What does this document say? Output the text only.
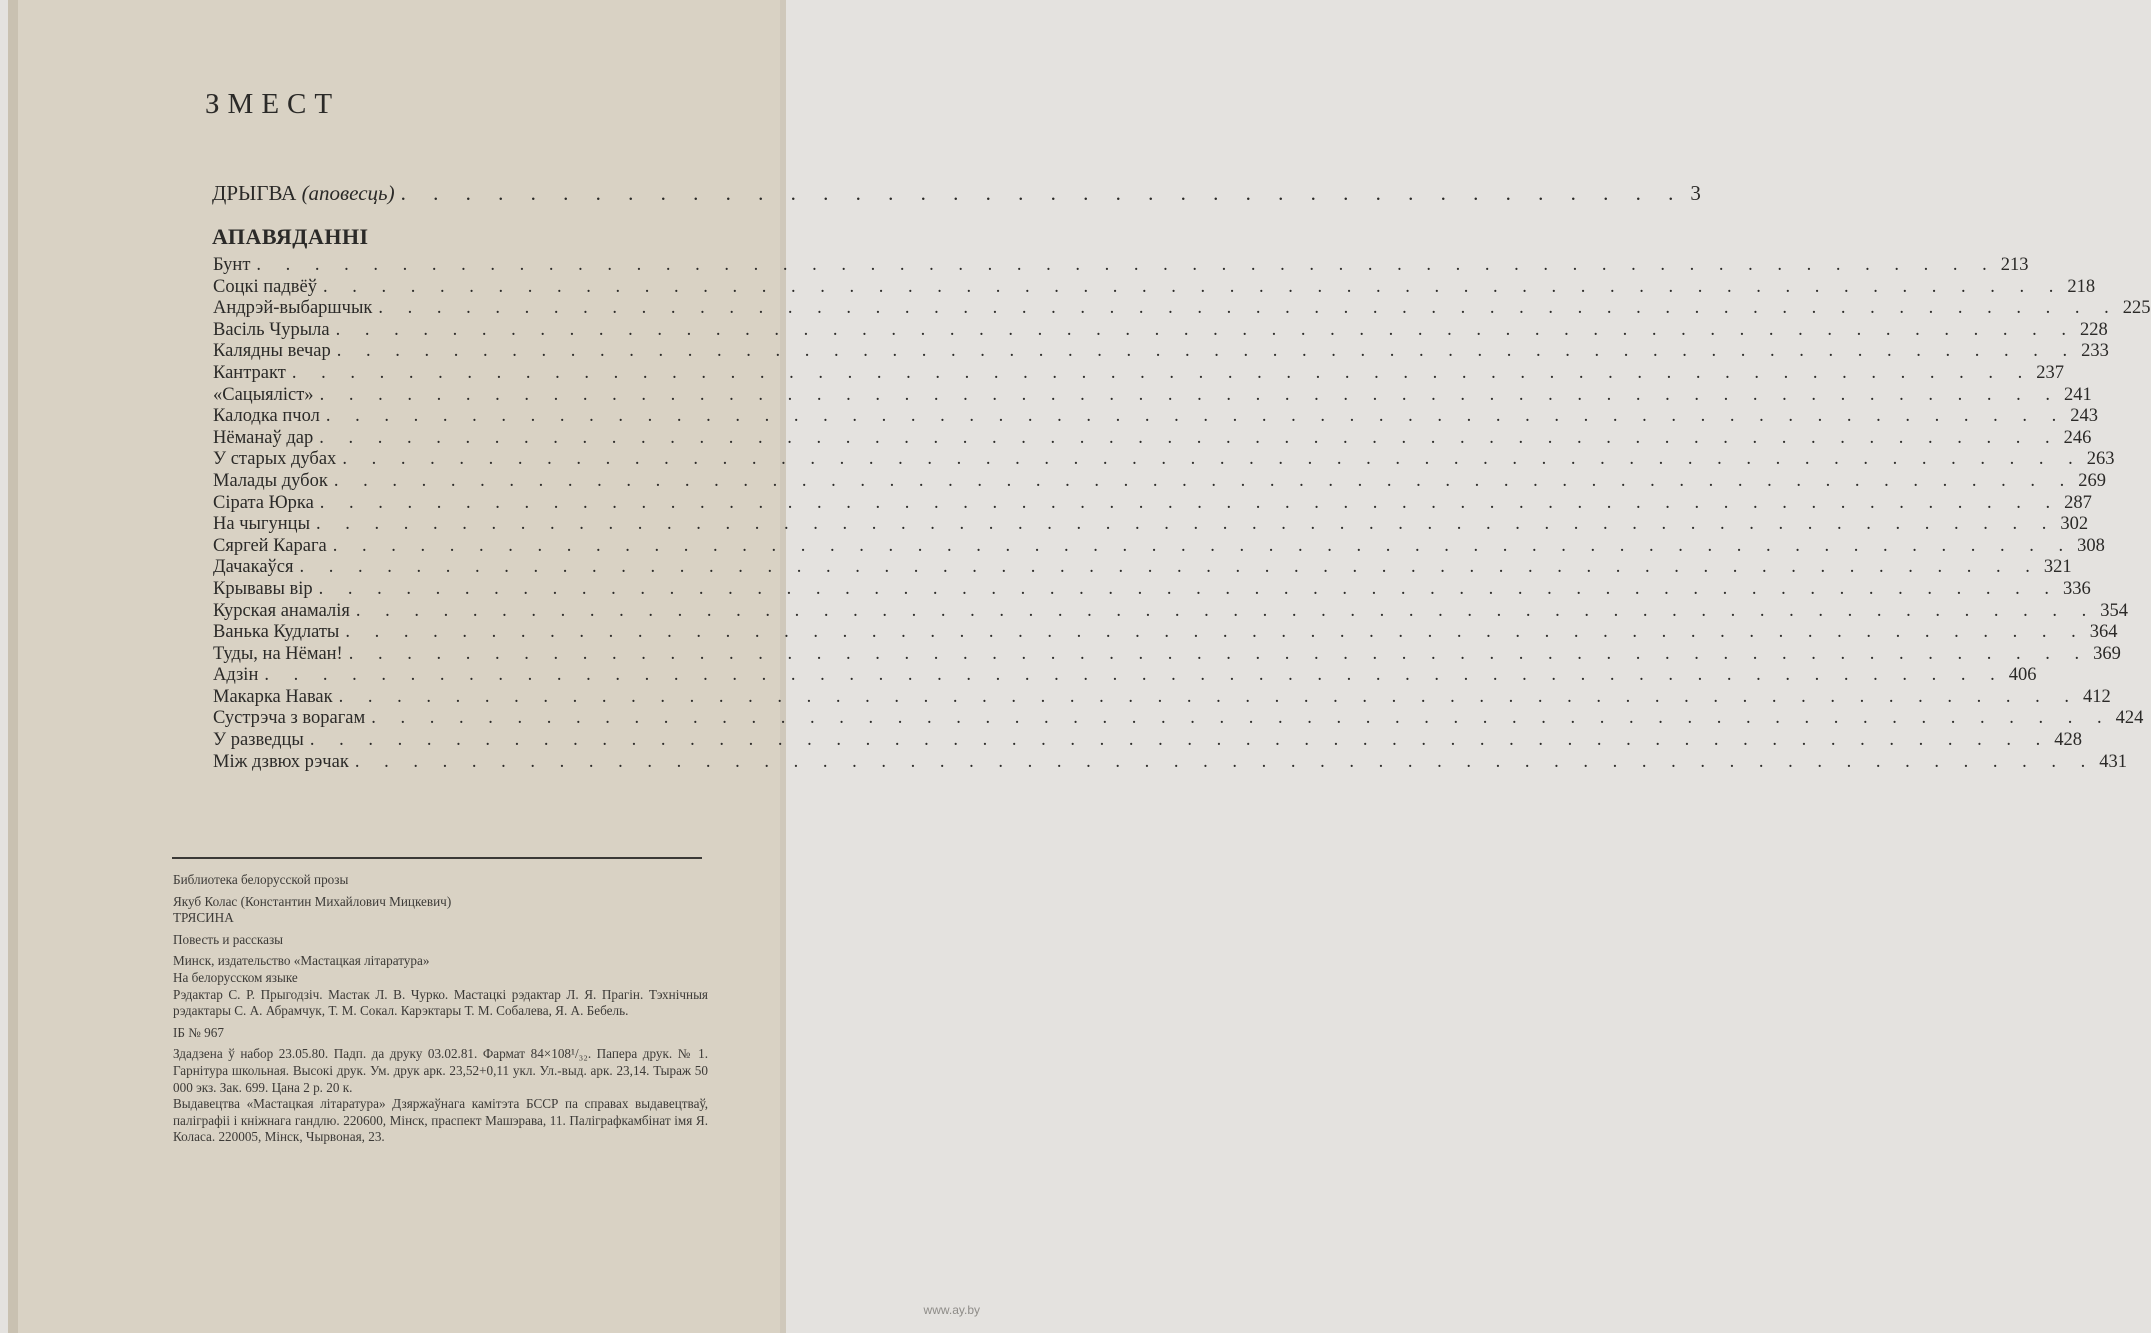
ЗМЕСТ
ДРЫГВА (аповесць) . . . . . . . . . . . . . . . . . . . . . . . . . . . . . . . . . . . . . . . . 3
АПАВЯДАННІ
Бунт . . . . . . . . . . . . . . . . . . . . . . . . . . . . . . . . . . . . . . . . . . . . . . . . . . . . . . . . . . . . 213
Соцкі падвёў . . . . . . . . . . . . . . . . . . . . . . . . . . . . . . . . . . . . . . . . . . . . . . . . . . . . . . . . . . . . 218
Андрэй-выбаршчык . . . . . . . . . . . . . . . . . . . . . . . . . . . . . . . . . . . . . . . . . . . . . . . . . . . . . . . . . . . . 225
Васіль Чурыла . . . . . . . . . . . . . . . . . . . . . . . . . . . . . . . . . . . . . . . . . . . . . . . . . . . . . . . . . . . . 228
Калядны вечар . . . . . . . . . . . . . . . . . . . . . . . . . . . . . . . . . . . . . . . . . . . . . . . . . . . . . . . . . . . . 233
Кантракт . . . . . . . . . . . . . . . . . . . . . . . . . . . . . . . . . . . . . . . . . . . . . . . . . . . . . . . . . . . . 237
«Сацыяліст» . . . . . . . . . . . . . . . . . . . . . . . . . . . . . . . . . . . . . . . . . . . . . . . . . . . . . . . . . . . . 241
Калодка пчол . . . . . . . . . . . . . . . . . . . . . . . . . . . . . . . . . . . . . . . . . . . . . . . . . . . . . . . . . . . . 243
Нёманаў дар . . . . . . . . . . . . . . . . . . . . . . . . . . . . . . . . . . . . . . . . . . . . . . . . . . . . . . . . . . . . 246
У старых дубах . . . . . . . . . . . . . . . . . . . . . . . . . . . . . . . . . . . . . . . . . . . . . . . . . . . . . . . . . . . . 263
Малады дубок . . . . . . . . . . . . . . . . . . . . . . . . . . . . . . . . . . . . . . . . . . . . . . . . . . . . . . . . . . . . 269
Сірата Юрка . . . . . . . . . . . . . . . . . . . . . . . . . . . . . . . . . . . . . . . . . . . . . . . . . . . . . . . . . . . . 287
На чыгунцы . . . . . . . . . . . . . . . . . . . . . . . . . . . . . . . . . . . . . . . . . . . . . . . . . . . . . . . . . . . . 302
Сяргей Карага . . . . . . . . . . . . . . . . . . . . . . . . . . . . . . . . . . . . . . . . . . . . . . . . . . . . . . . . . . . . 308
Дачакаўся . . . . . . . . . . . . . . . . . . . . . . . . . . . . . . . . . . . . . . . . . . . . . . . . . . . . . . . . . . . . 321
Крывавы вір . . . . . . . . . . . . . . . . . . . . . . . . . . . . . . . . . . . . . . . . . . . . . . . . . . . . . . . . . . . . 336
Курская анамалія . . . . . . . . . . . . . . . . . . . . . . . . . . . . . . . . . . . . . . . . . . . . . . . . . . . . . . . . . . . . 354
Ванька Кудлаты . . . . . . . . . . . . . . . . . . . . . . . . . . . . . . . . . . . . . . . . . . . . . . . . . . . . . . . . . . . . 364
Туды, на Нёман! . . . . . . . . . . . . . . . . . . . . . . . . . . . . . . . . . . . . . . . . . . . . . . . . . . . . . . . . . . . . 369
Адзін . . . . . . . . . . . . . . . . . . . . . . . . . . . . . . . . . . . . . . . . . . . . . . . . . . . . . . . . . . . . 406
Макарка Навак . . . . . . . . . . . . . . . . . . . . . . . . . . . . . . . . . . . . . . . . . . . . . . . . . . . . . . . . . . . . 412
Сустрэча з ворагам . . . . . . . . . . . . . . . . . . . . . . . . . . . . . . . . . . . . . . . . . . . . . . . . . . . . . . . . . . . . 424
У разведцы . . . . . . . . . . . . . . . . . . . . . . . . . . . . . . . . . . . . . . . . . . . . . . . . . . . . . . . . . . . . 428
Між дзвюх рэчак . . . . . . . . . . . . . . . . . . . . . . . . . . . . . . . . . . . . . . . . . . . . . . . . . . . . . . . . . . . . 431

Библиотека белорусской прозы

Якуб Колас (Константин Михайлович Мицкевич)

ТРЯСИНА

Повесть и рассказы

Минск, издательство «Мастацкая літаратура»

На белорусском языке

Рэдактар С. Р. Прыгодзіч. Мастак Л. В. Чурко. Мастацкі рэдактар Л. Я. Прагін. Тэхнічныя рэдактары С. А. Абрамчук, Т. М. Сокал. Карэктары Т. М. Собалева, Я. А. Бебель.

ІБ № 967

Здадзена ў набор 23.05.80. Падп. да друку 03.02.81. Фармат 84×108¹/₃₂. Папера друк. № 1. Гарнітура школьная. Высокі друк. Ум. друк арк. 23,52+0,11 укл. Ул.-выд. арк. 23,14. Тыраж 50 000 экз. Зак. 699. Цана 2 р. 20 к.

Выдавецтва «Мастацкая літаратура» Дзяржаўнага камітэта БССР па справах выдавецтваў, паліграфіі і кніжнага гандлю. 220600, Мінск, праспект Машэрава, 11. Паліграфкамбінат імя Я. Коласа. 220005, Мінск, Чырвоная, 23.

www.ay.by
